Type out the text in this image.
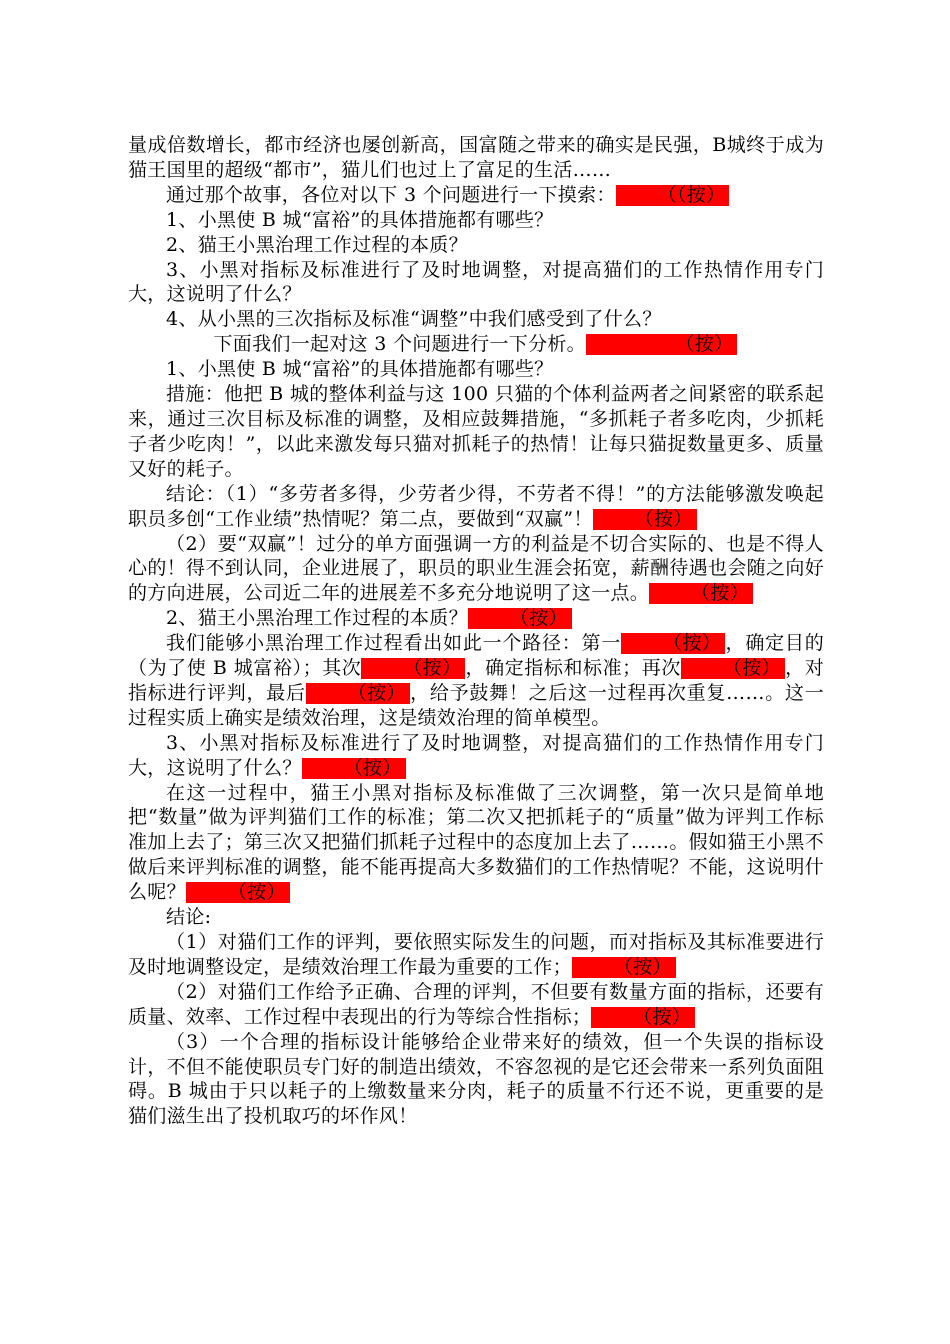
量成倍数增长，都市经济也屡创新高，国富随之带来的确实是民强，B城终于成为猫王国里的超级“都市”，猫儿们也过上了富足的生活……

通过那个故事，各位对以下 3 个问题进行一下摸索： （（按）

1、小黑使 B 城“富裕”的具体措施都有哪些？

2、猫王小黑治理工作过程的本质？

3、小黑对指标及标准进行了及时地调整，对提高猫们的工作热情作用专门大，这说明了什么？

4、从小黑的三次指标及标准“调整”中我们感受到了什么？

下面我们一起对这 3 个问题进行一下分析。	（按）

1、小黑使 B 城“富裕”的具体措施都有哪些？

措施：他把 B 城的整体利益与这 100 只猫的个体利益两者之间紧密的联系起来，通过三次目标及标准的调整，及相应鼓舞措施，“多抓耗子者多吃肉，少抓耗子者少吃肉！”，以此来激发每只猫对抓耗子的热情！让每只猫捉数量更多、质量又好的耗子。

结论：（1）“多劳者多得，少劳者少得，不劳者不得！”的方法能够激发唤起职员多创“工作业绩”热情呢？第二点，要做到“双赢”！ （按）

（2）要“双赢”！过分的单方面强调一方的利益是不切合实际的、也是不得人心的！得不到认同，企业进展了，职员的职业生涯会拓宽，薪酬待遇也会随之向好的方向进展，公司近二年的进展差不多充分地说明了这一点。 （按）

2、猫王小黑治理工作过程的本质？ （按）

我们能够小黑治理工作过程看出如此一个路径：第一 （按） ，确定目的（为了使 B 城富裕）；其次 （按） ，确定指标和标准；再次 （按） ，对指标进行评判，最后 （按） ，给予鼓舞！之后这一过程再次重复……。这一过程实质上确实是绩效治理，这是绩效治理的简单模型。

3、小黑对指标及标准进行了及时地调整，对提高猫们的工作热情作用专门大，这说明了什么？ （按）

在这一过程中，猫王小黑对指标及标准做了三次调整，第一次只是简单地把“数量”做为评判猫们工作的标准；第二次又把抓耗子的“质量”做为评判工作标准加上去了；第三次又把猫们抓耗子过程中的态度加上去了……。假如猫王小黑不做后来评判标准的调整，能不能再提高大多数猫们的工作热情呢？不能，这说明什么呢？ （按）

结论:

（1）对猫们工作的评判，要依照实际发生的问题，而对指标及其标准要进行及时地调整设定，是绩效治理工作最为重要的工作； （按）

（2）对猫们工作给予正确、合理的评判，不但要有数量方面的指标，还要有质量、效率、工作过程中表现出的行为等综合性指标； （按）

（3）一个合理的指标设计能够给企业带来好的绩效，但一个失误的指标设计，不但不能使职员专门好的制造出绩效，不容忽视的是它还会带来一系列负面阻碍。B 城由于只以耗子的上缴数量来分肉，耗子的质量不行还不说，更重要的是猫们滋生出了投机取巧的坏作风！
